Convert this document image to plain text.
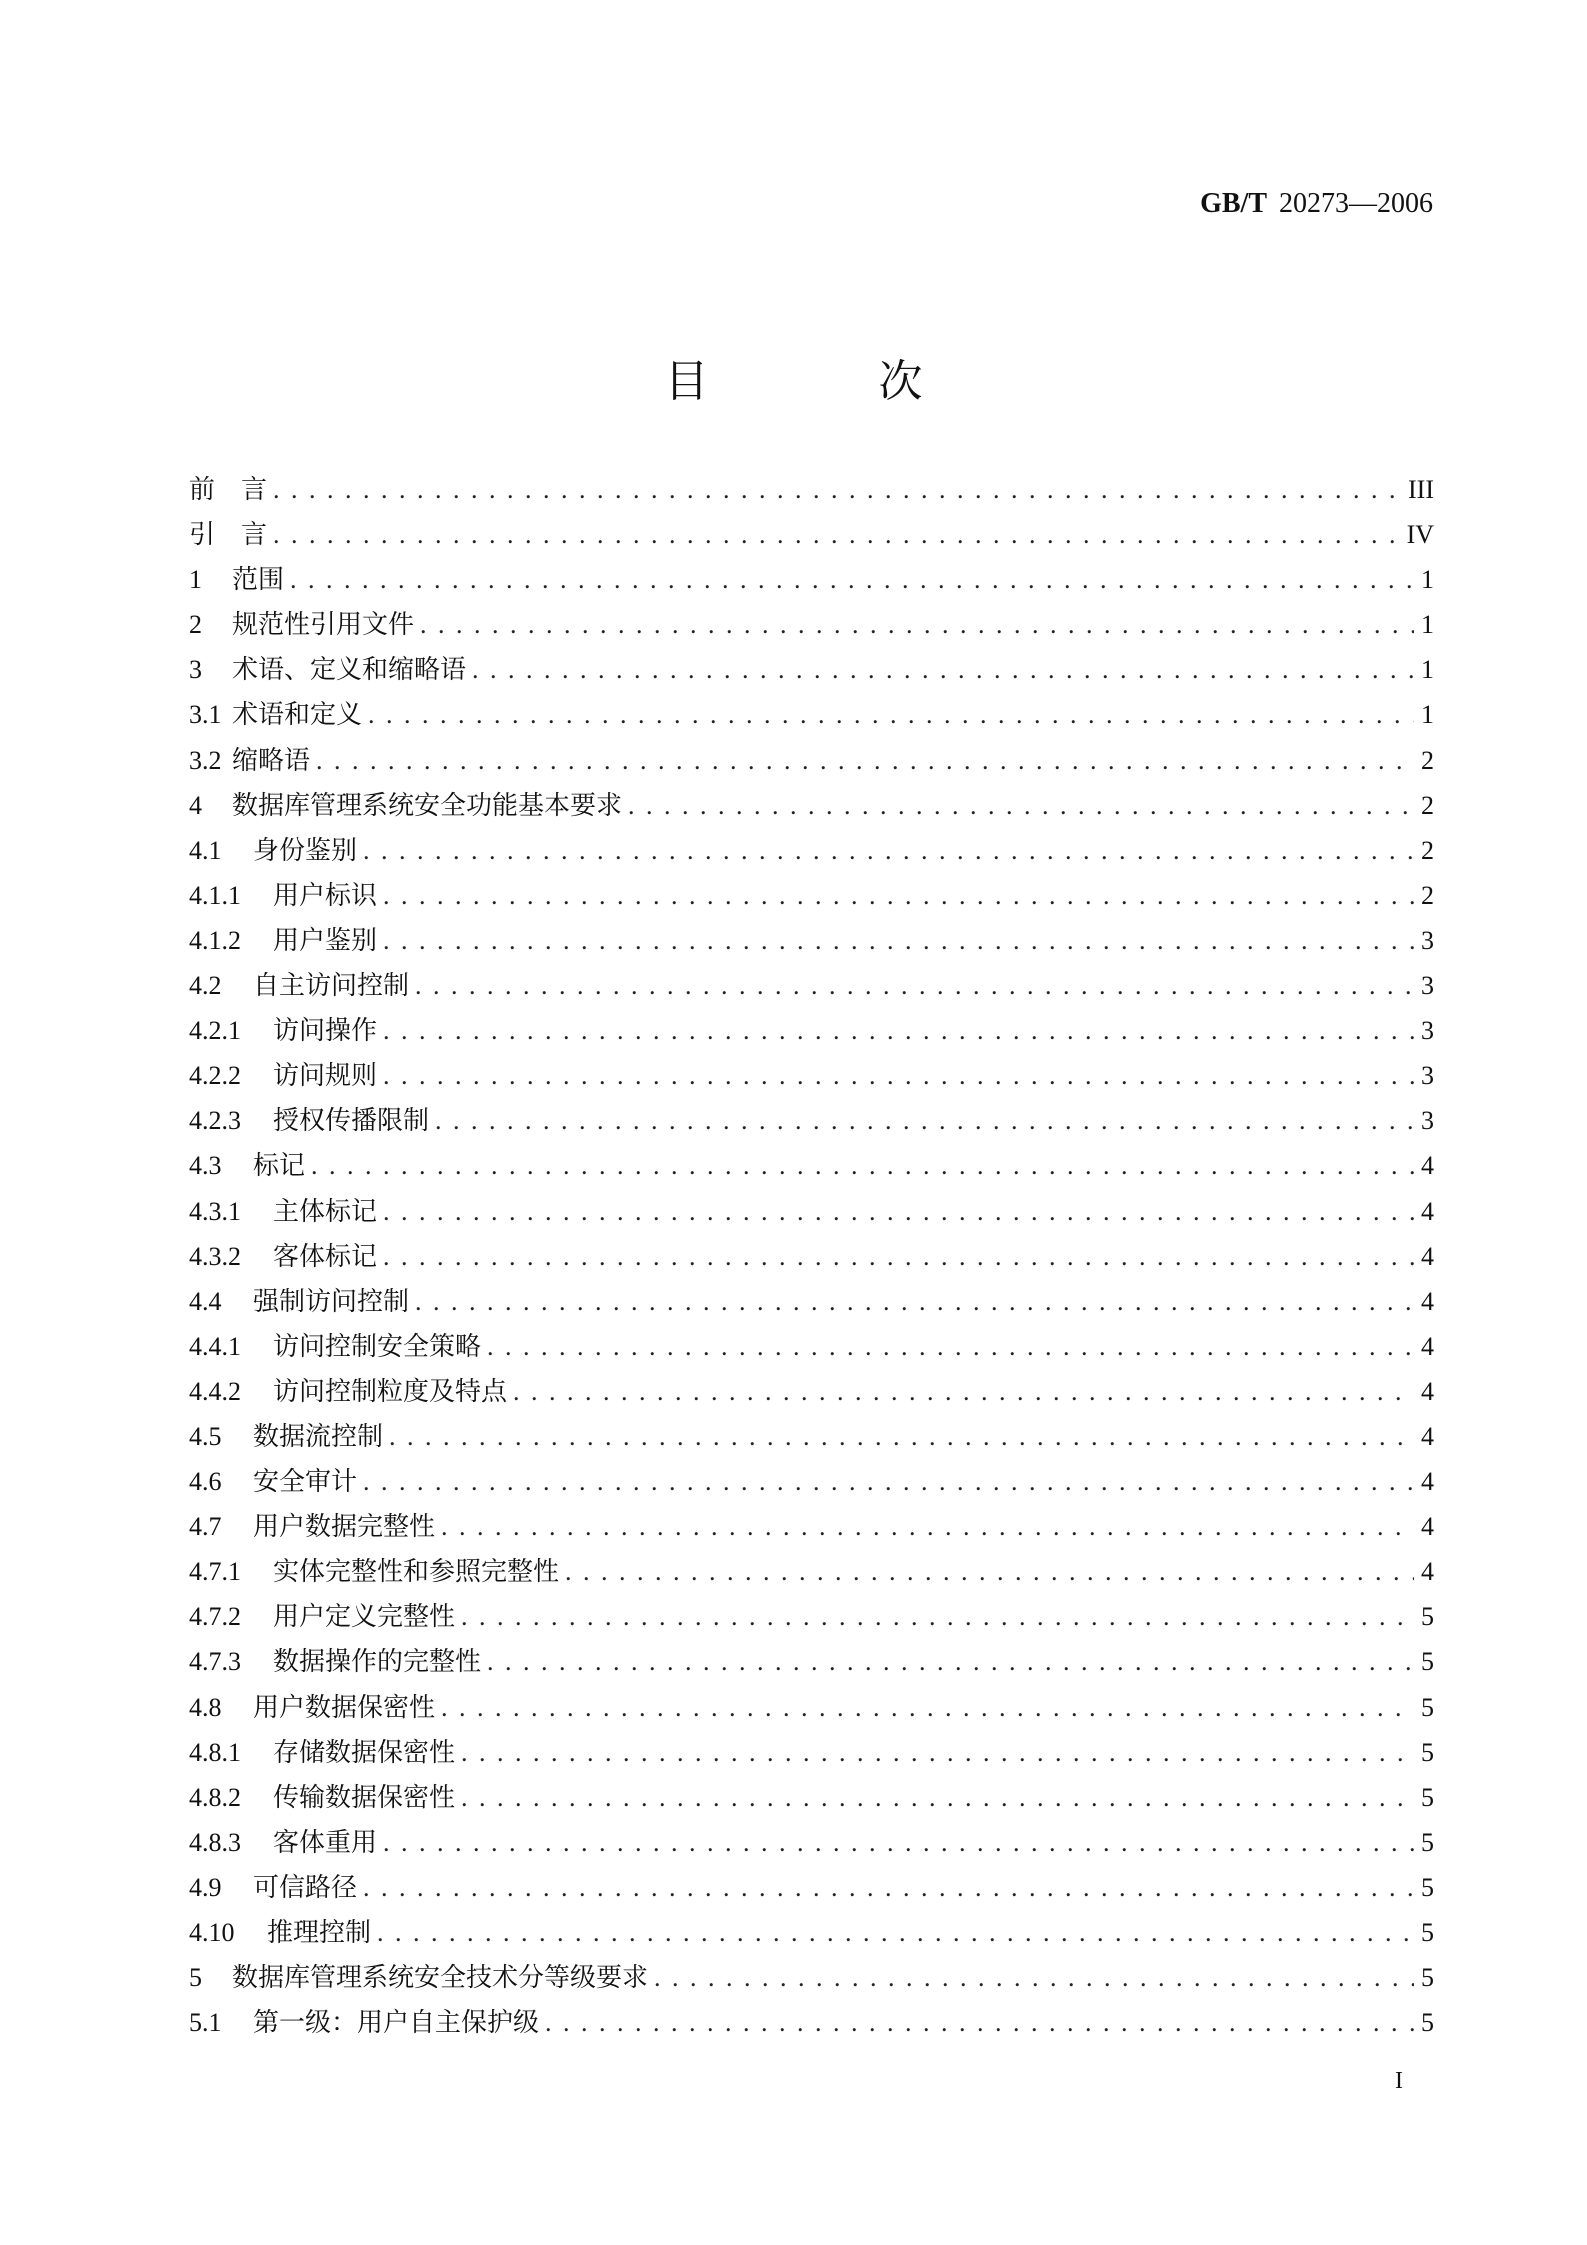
GB/T 20273—2006
目次
前　言 . . .	III
引　言 . . .	IV
1	范围 . . .	1
2	规范性引用文件 . . .	1
3	术语、定义和缩略语 . . .	1
3.1 术语和定义 . . .	1
3.2 缩略语 . . .	2
4	数据库管理系统安全功能基本要求 . . .	2
4.1	身份鉴别 . . .	2
4.1.1	用户标识 . . .	2
4.1.2	用户鉴别 . . .	3
4.2	自主访问控制 . . .	3
4.2.1	访问操作 . . .	3
4.2.2	访问规则 . . .	3
4.2.3	授权传播限制 . . .	3
4.3	标记 . . .	4
4.3.1	主体标记 . . .	4
4.3.2	客体标记 . . .	4
4.4	强制访问控制 . . .	4
4.4.1	访问控制安全策略 . . .	4
4.4.2	访问控制粒度及特点 . . .	4
4.5	数据流控制 . . .	4
4.6	安全审计 . . .	4
4.7	用户数据完整性 . . .	4
4.7.1	实体完整性和参照完整性 . . .	4
4.7.2	用户定义完整性 . . .	5
4.7.3	数据操作的完整性 . . .	5
4.8	用户数据保密性 . . .	5
4.8.1	存储数据保密性 . . .	5
4.8.2	传输数据保密性 . . .	5
4.8.3	客体重用 . . .	5
4.9	可信路径 . . .	5
4.10	推理控制 . . .	5
5	数据库管理系统安全技术分等级要求 . . .	5
5.1	第一级：用户自主保护级 . . .	5
I
